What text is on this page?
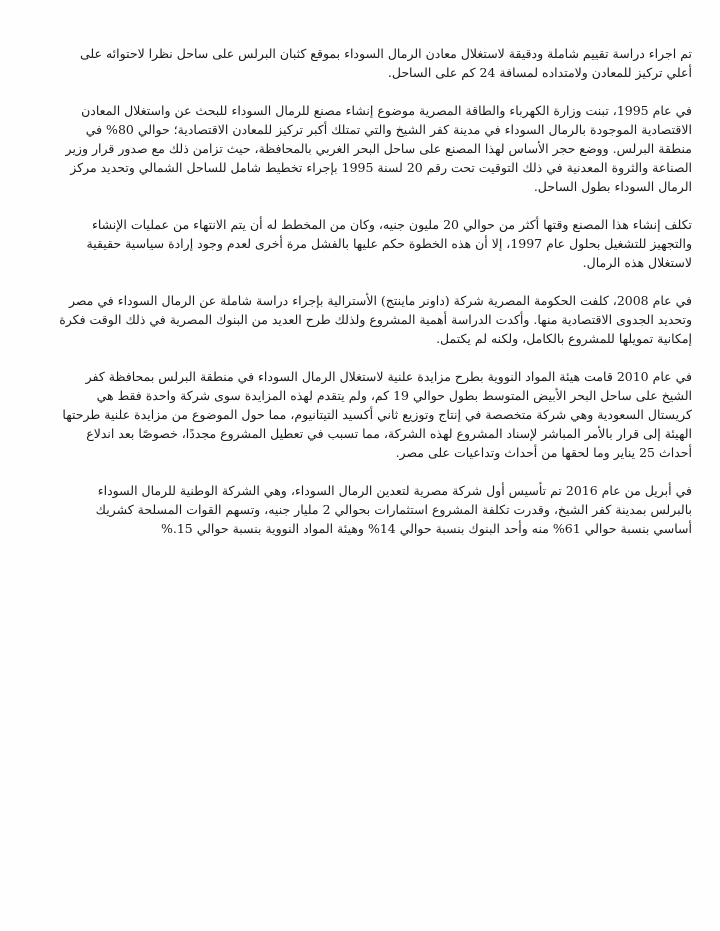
تم اجراء دراسة تقييم شاملة ودقيقة لاستغلال معادن الرمال السوداء بموقع كثبان البرلس على ساحل نظرا لاحتوائه على أعلي تركيز للمعادن ولامتداده لمسافة 24 كم على الساحل.

في عام 1995، تبنت وزارة الكهرباء والطاقة المصرية موضوع إنشاء مصنع للرمال السوداء للبحث عن واستغلال المعادن الاقتصادية الموجودة بالرمال السوداء في مدينة كفر الشيخ والتي تمتلك أكبر تركيز للمعادن الاقتصادية؛ حوالي 80% في منطقة البرلس. ووضع حجر الأساس لهذا المصنع على ساحل البحر الغربي بالمحافظة، حيث تزامن ذلك مع صدور قرار وزير الصناعة والثروة المعدنية في ذلك التوقيت تحت رقم 20 لسنة 1995 بإجراء تخطيط شامل للساحل الشمالي وتحديد مركز الرمال السوداء بطول الساحل.

تكلف إنشاء هذا المصنع وقتها أكثر من حوالي 20 مليون جنيه، وكان من المخطط له أن يتم الانتهاء من عمليات الإنشاء والتجهيز للتشغيل بحلول عام 1997، إلا أن هذه الخطوة حكم عليها بالفشل مرة أخرى لعدم وجود إرادة سياسية حقيقية لاستغلال هذه الرمال.

في عام 2008، كلفت الحكومة المصرية شركة (داونر ماينتج) الأسترالية بإجراء دراسة شاملة عن الرمال السوداء في مصر وتحديد الجدوى الاقتصادية منها. وأكدت الدراسة أهمية المشروع ولذلك طرح العديد من البنوك المصرية في ذلك الوقت فكرة إمكانية تمويلها للمشروع بالكامل، ولكنه لم يكتمل.

في عام 2010 قامت هيئة المواد النووية بطرح مزايدة علنية لاستغلال الرمال السوداء في منطقة البرلس بمحافظة كفر الشيخ على ساحل البحر الأبيض المتوسط بطول حوالي 19 كم، ولم يتقدم لهذه المزايدة سوى شركة واحدة فقط هي كريستال السعودية وهي شركة متخصصة في إنتاج وتوزيع ثاني أكسيد التيتانيوم، مما حول الموضوع من مزايدة علنية طرحتها الهيئة إلى قرار بالأمر المباشر لإسناد المشروع لهذه الشركة، مما تسبب في تعطيل المشروع مجددًا، خصوصًا بعد اندلاع أحداث 25 يناير وما لحقها من أحداث وتداعيات على مصر.

في أبريل من عام 2016 تم تأسيس أول شركة مصرية لتعدين الرمال السوداء، وهي الشركة الوطنية للرمال السوداء بالبرلس بمدينة كفر الشيخ، وقدرت تكلفة المشروع استثمارات بحوالي 2 مليار جنيه، وتسهم القوات المسلحة كشريك أساسي بنسبة حوالي 61% منه وأحد البنوك بنسبة حوالي 14% وهيئة المواد النووية بنسبة حوالي 15.%
